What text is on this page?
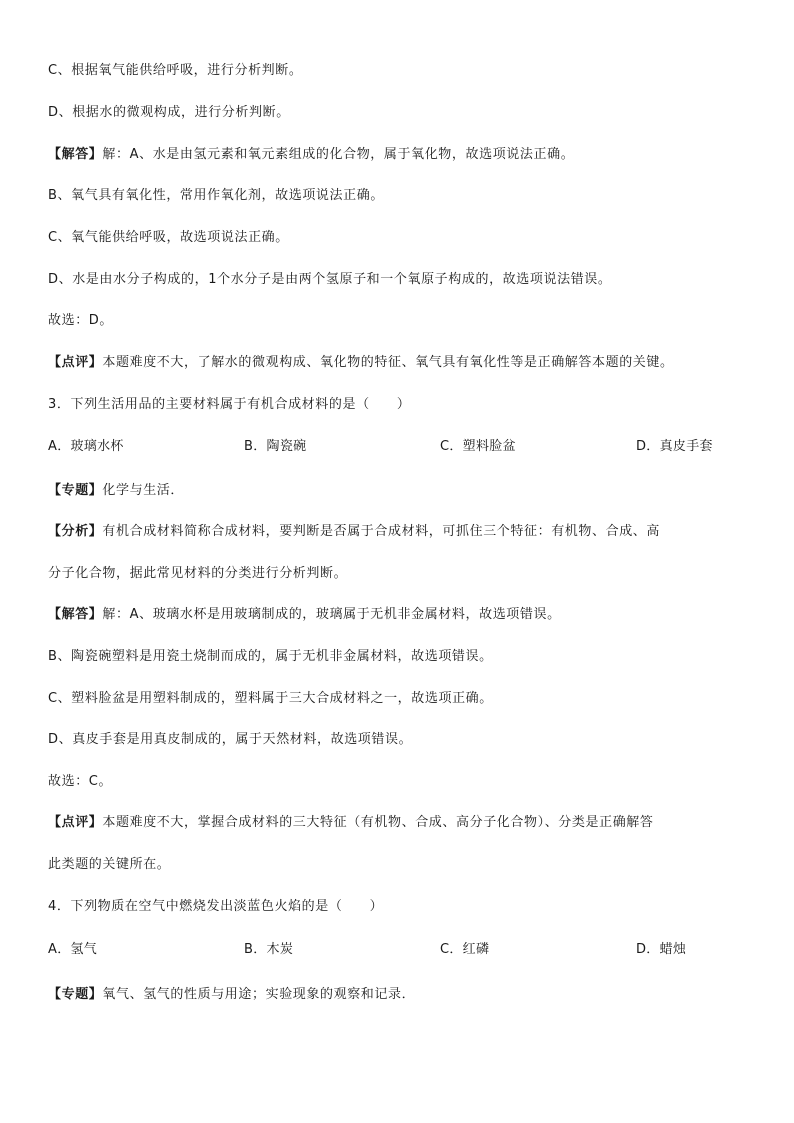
C、根据氧气能供给呼吸，进行分析判断。
D、根据水的微观构成，进行分析判断。
【解答】解：A、水是由氢元素和氧元素组成的化合物，属于氧化物，故选项说法正确。
B、氧气具有氧化性，常用作氧化剂，故选项说法正确。
C、氧气能供给呼吸，故选项说法正确。
D、水是由水分子构成的，1个水分子是由两个氢原子和一个氧原子构成的，故选项说法错误。
故选：D。
【点评】本题难度不大，了解水的微观构成、氧化物的特征、氧气具有氧化性等是正确解答本题的关键。
3．下列生活用品的主要材料属于有机合成材料的是（　　）
A．玻璃水杯	B．陶瓷碗	C．塑料脸盆	D．真皮手套
【专题】化学与生活．
【分析】有机合成材料简称合成材料，要判断是否属于合成材料，可抓住三个特征：有机物、合成、高
分子化合物，据此常见材料的分类进行分析判断。
【解答】解：A、玻璃水杯是用玻璃制成的，玻璃属于无机非金属材料，故选项错误。
B、陶瓷碗塑料是用瓷土烧制而成的，属于无机非金属材料，故选项错误。
C、塑料脸盆是用塑料制成的，塑料属于三大合成材料之一，故选项正确。
D、真皮手套是用真皮制成的，属于天然材料，故选项错误。
故选：C。
【点评】本题难度不大，掌握合成材料的三大特征（有机物、合成、高分子化合物）、分类是正确解答
此类题的关键所在。
4．下列物质在空气中燃烧发出淡蓝色火焰的是（　　）
A．氢气	B．木炭	C．红磷	D．蜡烛
【专题】氧气、氢气的性质与用途；实验现象的观察和记录．
